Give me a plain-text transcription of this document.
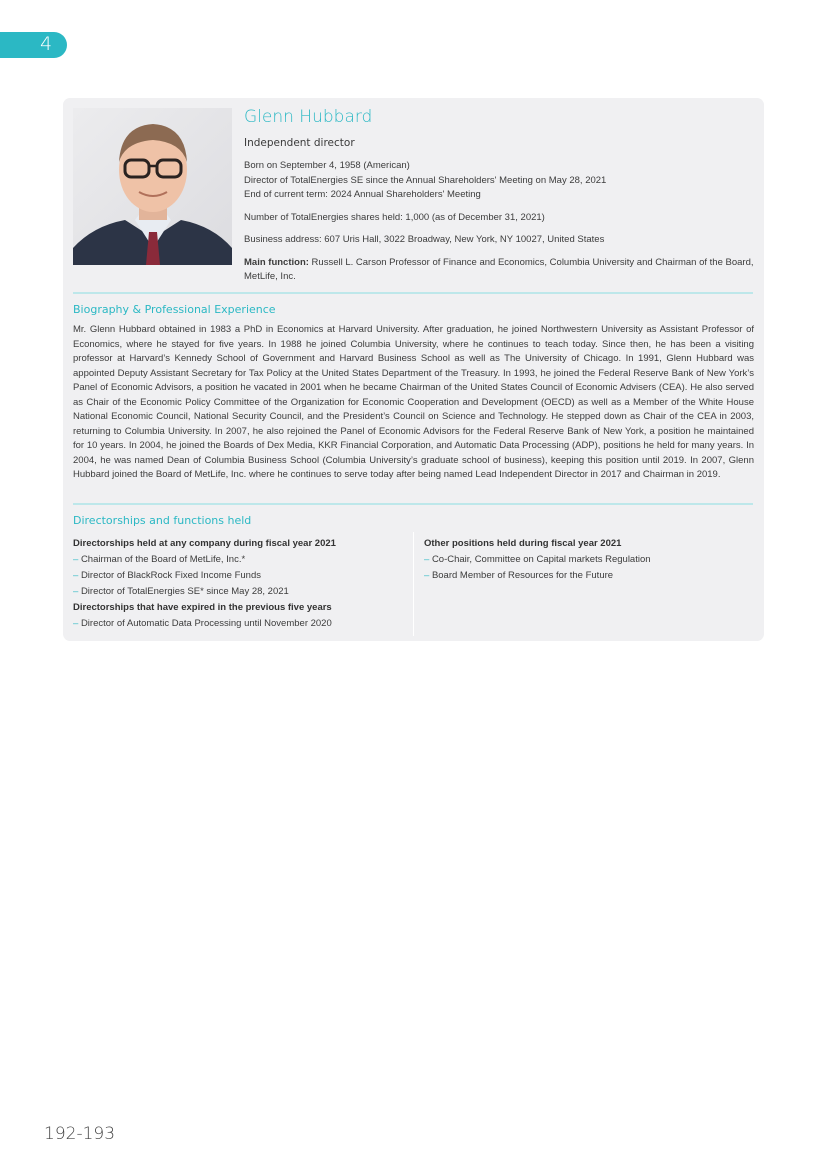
4
Glenn Hubbard
Independent director

Born on September 4, 1958 (American)

Director of TotalEnergies SE since the Annual Shareholders' Meeting on May 28, 2021

End of current term: 2024 Annual Shareholders' Meeting

Number of TotalEnergies shares held: 1,000 (as of December 31, 2021)

Business address: 607 Uris Hall, 3022 Broadway, New York, NY 10027, United States

Main function: Russell L. Carson Professor of Finance and Economics, Columbia University and Chairman of the Board, MetLife, Inc.

Biography & Professional Experience

Mr. Glenn Hubbard obtained in 1983 a PhD in Economics at Harvard University. After graduation, he joined Northwestern University as Assistant Professor of Economics, where he stayed for five years. In 1988 he joined Columbia University, where he continues to teach today. Since then, he has been a visiting professor at Harvard’s Kennedy School of Government and Harvard Business School as well as The University of Chicago. In 1991, Glenn Hubbard was appointed Deputy Assistant Secretary for Tax Policy at the United States Department of the Treasury. In 1993, he joined the Federal Reserve Bank of New York’s Panel of Economic Advisors, a position he vacated in 2001 when he became Chairman of the United States Council of Economic Advisers (CEA). He also served as Chair of the Economic Policy Committee of the Organization for Economic Cooperation and Development (OECD) as well as a Member of the White House National Economic Council, National Security Council, and the President’s Council on Science and Technology. He stepped down as Chair of the CEA in 2003, returning to Columbia University. In 2007, he also rejoined the Panel of Economic Advisors for the Federal Reserve Bank of New York, a position he maintained for 10 years. In 2004, he joined the Boards of Dex Media, KKR Financial Corporation, and Automatic Data Processing (ADP), positions he held for many years. In 2004, he was named Dean of Columbia Business School (Columbia University’s graduate school of business), keeping this position until 2019. In 2007, Glenn Hubbard joined the Board of MetLife, Inc. where he continues to serve today after being named Lead Independent Director in 2017 and Chairman in 2019.

Directorships and functions held
Directorships held at any company during fiscal year 2021
– Chairman of the Board of MetLife, Inc.*
– Director of BlackRock Fixed Income Funds
– Director of TotalEnergies SE* since May 28, 2021
Directorships that have expired in the previous five years
– Director of Automatic Data Processing until November 2020
Other positions held during fiscal year 2021
– Co-Chair, Committee on Capital markets Regulation
– Board Member of Resources for the Future
192-193
